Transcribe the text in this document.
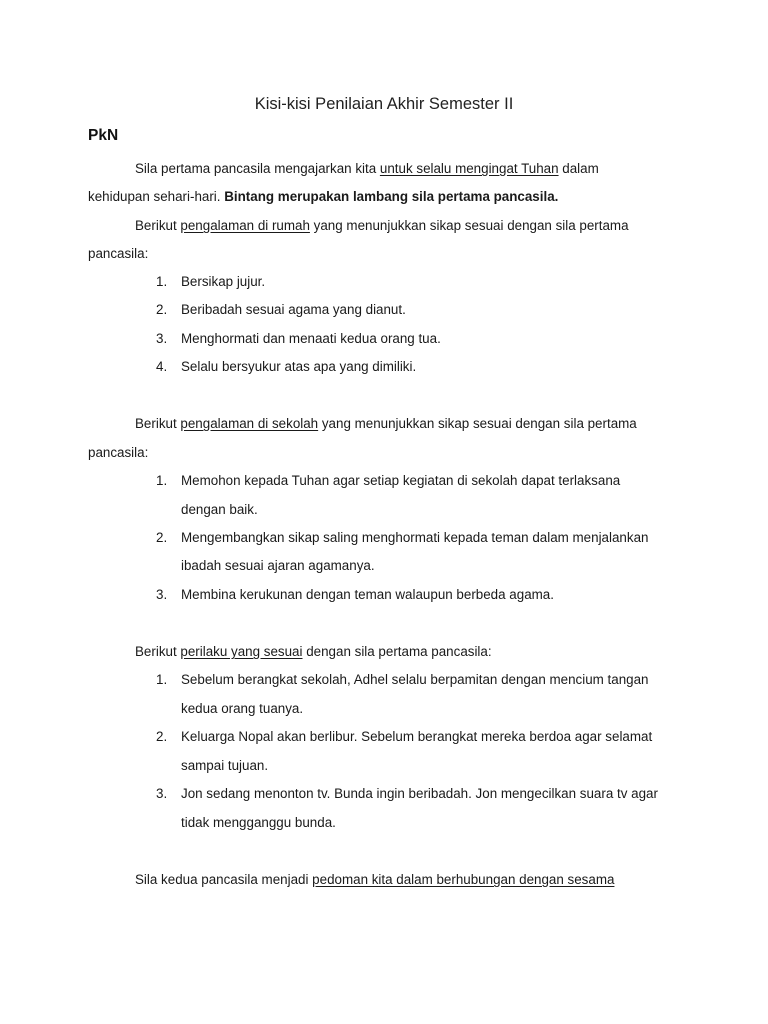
Kisi-kisi Penilaian Akhir Semester II
PkN
Sila pertama pancasila mengajarkan kita untuk selalu mengingat Tuhan dalam
kehidupan sehari-hari. Bintang merupakan lambang sila pertama pancasila.
Berikut pengalaman di rumah yang menunjukkan sikap sesuai dengan sila pertama
pancasila:
1. Bersikap jujur.
2. Beribadah sesuai agama yang dianut.
3. Menghormati dan menaati kedua orang tua.
4. Selalu bersyukur atas apa yang dimiliki.
Berikut pengalaman di sekolah yang menunjukkan sikap sesuai dengan sila pertama
pancasila:
1. Memohon kepada Tuhan agar setiap kegiatan di sekolah dapat terlaksana
dengan baik.
2. Mengembangkan sikap saling menghormati kepada teman dalam menjalankan
ibadah sesuai ajaran agamanya.
3. Membina kerukunan dengan teman walaupun berbeda agama.
Berikut perilaku yang sesuai dengan sila pertama pancasila:
1. Sebelum berangkat sekolah, Adhel selalu berpamitan dengan mencium tangan
kedua orang tuanya.
2. Keluarga Nopal akan berlibur. Sebelum berangkat mereka berdoa agar selamat
sampai tujuan.
3. Jon sedang menonton tv. Bunda ingin beribadah. Jon mengecilkan suara tv agar
tidak mengganggu bunda.
Sila kedua pancasila menjadi pedoman kita dalam berhubungan dengan sesama
